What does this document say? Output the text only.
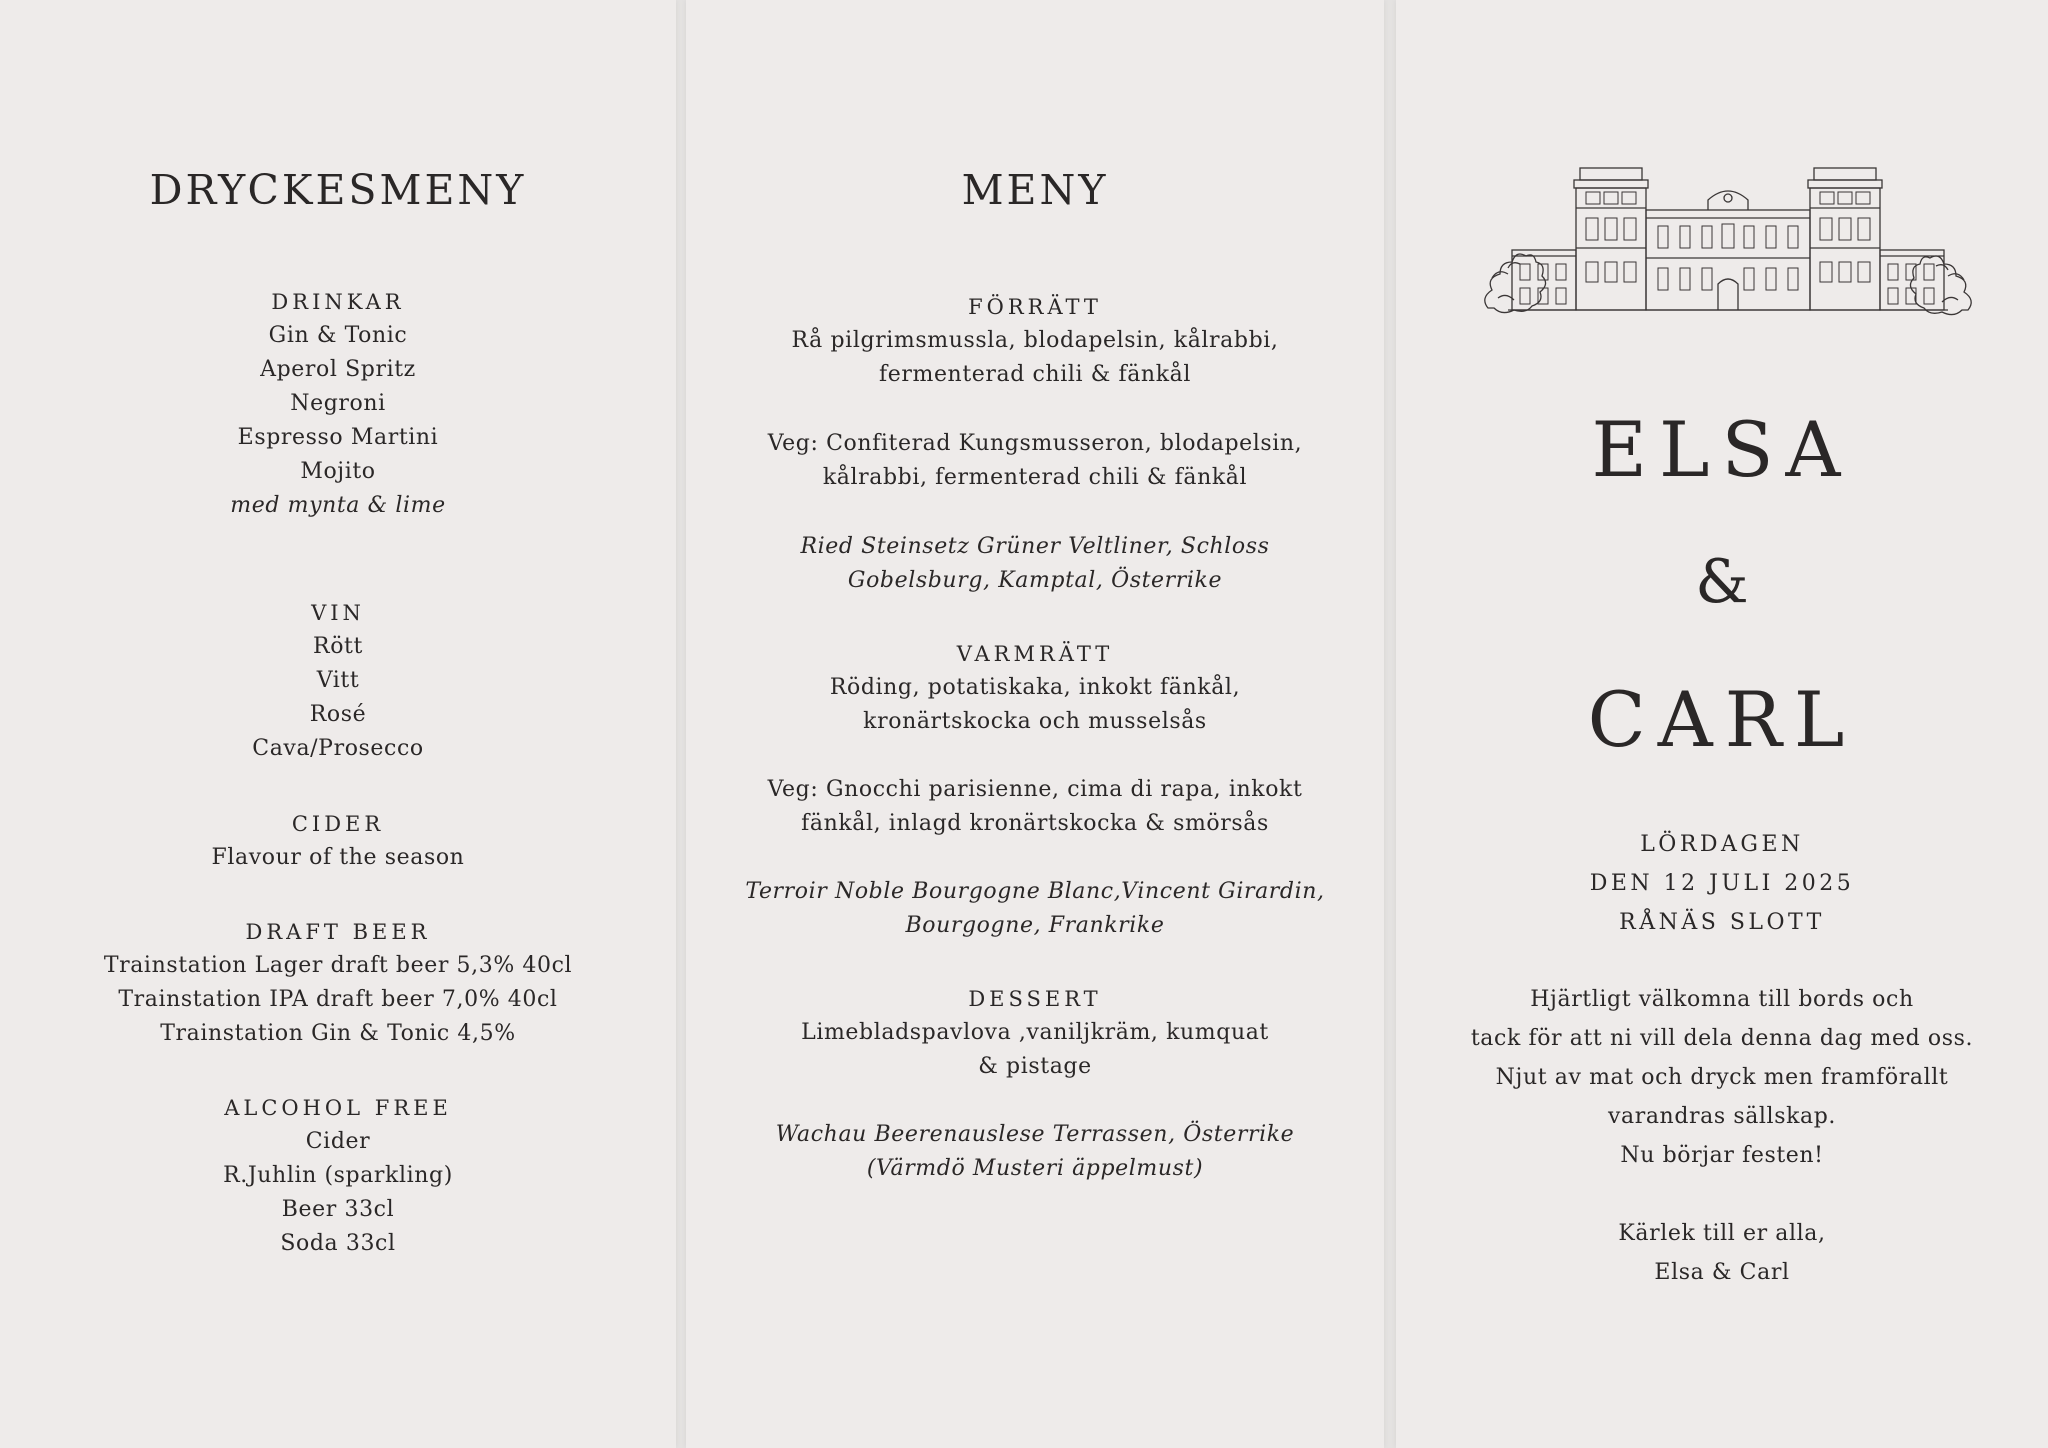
DRYCKESMENY
DRINKAR
Gin & Tonic
Aperol Spritz
Negroni
Espresso Martini
Mojito
med mynta & lime
VIN
Rött
Vitt
Rosé
Cava/Prosecco
CIDER
Flavour of the season
DRAFT BEER
Trainstation Lager draft beer 5,3% 40cl
Trainstation IPA draft beer 7,0% 40cl
Trainstation Gin & Tonic 4,5%
ALCOHOL FREE
Cider
R.Juhlin (sparkling)
Beer 33cl
Soda 33cl
MENY
FÖRRÄTT
Rå pilgrimsmussla, blodapelsin, kålrabbi,
fermenterad chili & fänkål
Veg: Confiterad Kungsmusseron, blodapelsin,
kålrabbi, fermenterad chili & fänkål
Ried Steinsetz Grüner Veltliner, Schloss
Gobelsburg, Kamptal, Österrike
VARMRÄTT
Röding, potatiskaka, inkokt fänkål,
kronärtskocka och musselsås
Veg: Gnocchi parisienne, cima di rapa, inkokt
fänkål, inlagd kronärtskocka & smörsås
Terroir Noble Bourgogne Blanc,Vincent Girardin,
Bourgogne, Frankrike
DESSERT
Limebladspavlova ,vaniljkräm, kumquat
& pistage
Wachau Beerenauslese Terrassen, Österrike
(Värmdö Musteri äppelmust)
ELSA
&
CARL
LÖRDAGEN
DEN 12 JULI 2025
RÅNÄS SLOTT
Hjärtligt välkomna till bords och
tack för att ni vill dela denna dag med oss.
Njut av mat och dryck men framförallt
varandras sällskap.
Nu börjar festen!
Kärlek till er alla,
Elsa & Carl
